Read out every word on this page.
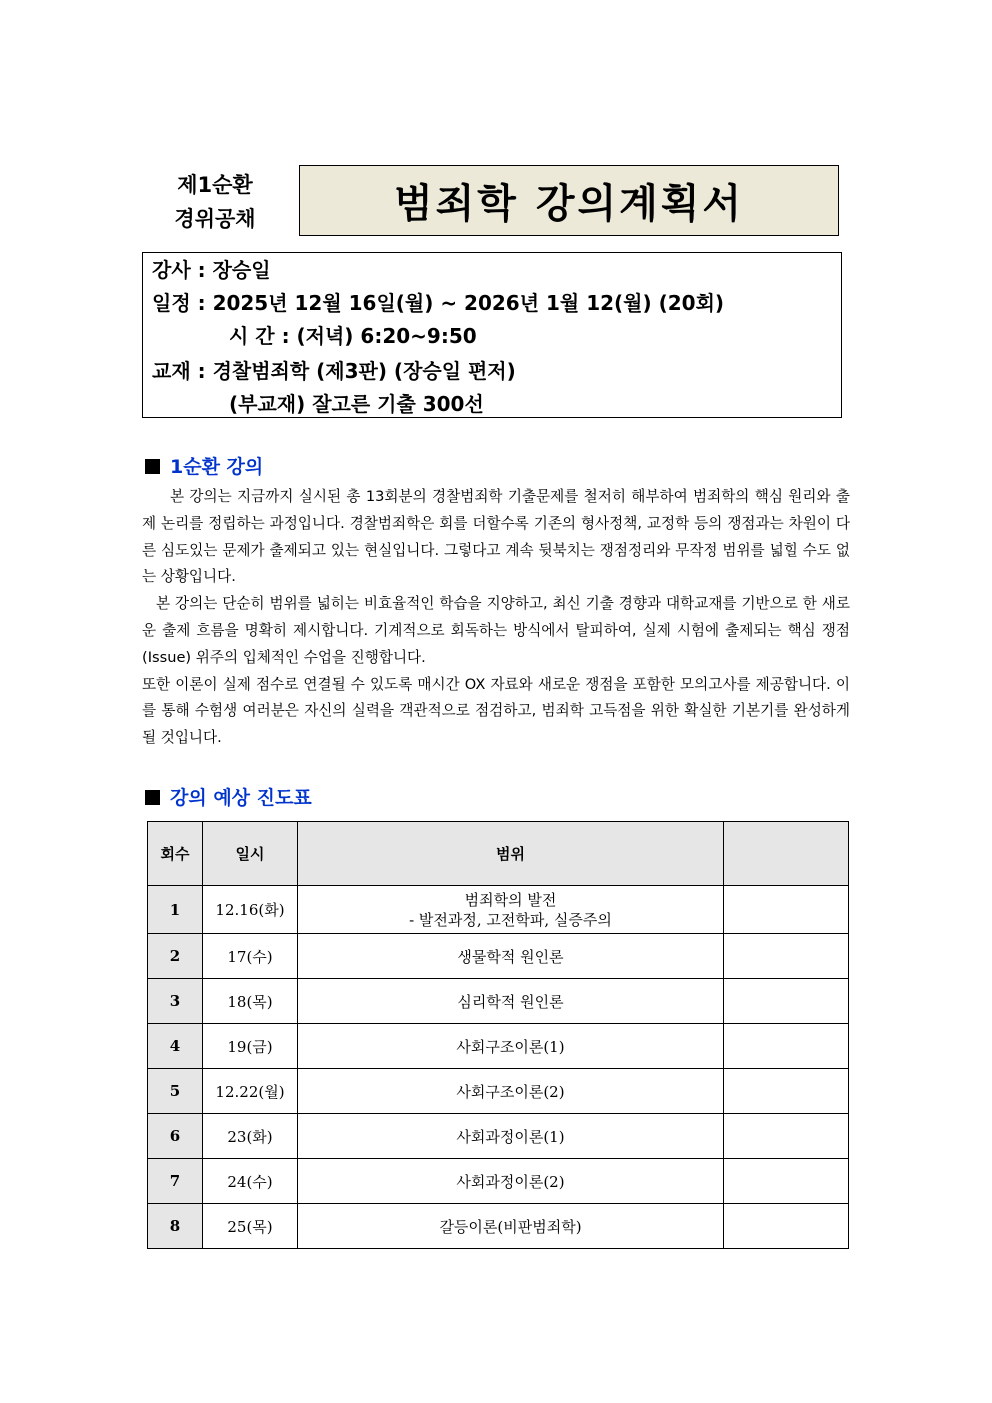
제1순환
경위공채	범죄학 강의계획서
강사 : 장승일
일정 : 2025년 12월 16일(월) ~ 2026년 1월 12(월) (20회)
시 간 : (저녁) 6:20~9:50
교재 : 경찰범죄학 (제3판) (장승일 편저)
(부교재) 잘고른 기출 300선
1순환 강의

본 강의는 지금까지 실시된 총 13회분의 경찰범죄학 기출문제를 철저히 해부하여 범죄학의 핵심 원리와 출제 논리를 정립하는 과정입니다. 경찰범죄학은 회를 더할수록 기존의 형사정책, 교정학 등의 쟁점과는 차원이 다른 심도있는 문제가 출제되고 있는 현실입니다. 그렇다고 계속 뒷북치는 쟁점정리와 무작정 범위를 넓힐 수도 없는 상황입니다.

본 강의는 단순히 범위를 넓히는 비효율적인 학습을 지양하고, 최신 기출 경향과 대학교재를 기반으로 한 새로운 출제 흐름을 명확히 제시합니다. 기계적으로 회독하는 방식에서 탈피하여, 실제 시험에 출제되는 핵심 쟁점(Issue) 위주의 입체적인 수업을 진행합니다.

또한 이론이 실제 점수로 연결될 수 있도록 매시간 OX 자료와 새로운 쟁점을 포함한 모의고사를 제공합니다. 이를 통해 수험생 여러분은 자신의 실력을 객관적으로 점검하고, 범죄학 고득점을 위한 확실한 기본기를 완성하게 될 것입니다.

강의 예상 진도표
회수	일시	범위	
1	12.16(화)	범죄학의 발전
- 발전과정, 고전학파, 실증주의	

2	17(수)	생물학적 원인론	
3	18(목)	심리학적 원인론	
4	19(금)	사회구조이론(1)	
5	12.22(월)	사회구조이론(2)	
6	23(화)	사회과정이론(1)	
7	24(수)	사회과정이론(2)	
8	25(목)	갈등이론(비판범죄학)	
